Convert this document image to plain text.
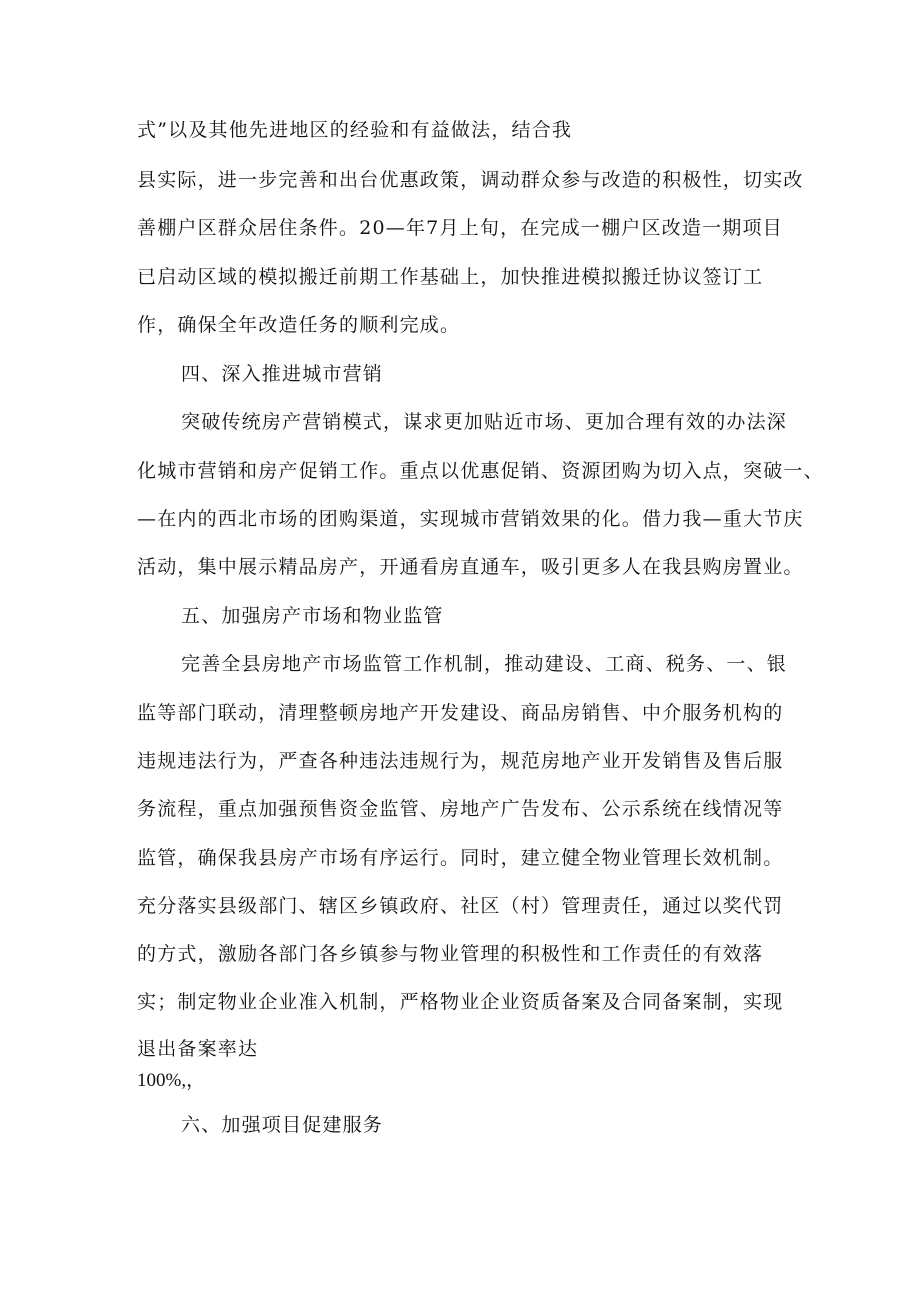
式”以及其他先进地区的经验和有益做法，结合我
县实际，进一步完善和出台优惠政策，调动群众参与改造的积极性，切实改
善棚户区群众居住条件。20—年7月上旬，在完成一棚户区改造一期项目
已启动区域的模拟搬迁前期工作基础上，加快推进模拟搬迁协议签订工
作，确保全年改造任务的顺利完成。
四、深入推进城市营销
突破传统房产营销模式，谋求更加贴近市场、更加合理有效的办法深
化城市营销和房产促销工作。重点以优惠促销、资源团购为切入点，突破一、
—在内的西北市场的团购渠道，实现城市营销效果的化。借力我—重大节庆
活动，集中展示精品房产，开通看房直通车，吸引更多人在我县购房置业。
五、加强房产市场和物业监管
完善全县房地产市场监管工作机制，推动建设、工商、税务、一、银
监等部门联动，清理整顿房地产开发建设、商品房销售、中介服务机构的
违规违法行为，严查各种违法违规行为，规范房地产业开发销售及售后服
务流程，重点加强预售资金监管、房地产广告发布、公示系统在线情况等
监管，确保我县房产市场有序运行。同时，建立健全物业管理长效机制。
充分落实县级部门、辖区乡镇政府、社区（村）管理责任，通过以奖代罚
的方式，激励各部门各乡镇参与物业管理的积极性和工作责任的有效落
实；制定物业企业准入机制，严格物业企业资质备案及合同备案制，实现
退出备案率达
100%,，
六、加强项目促建服务
